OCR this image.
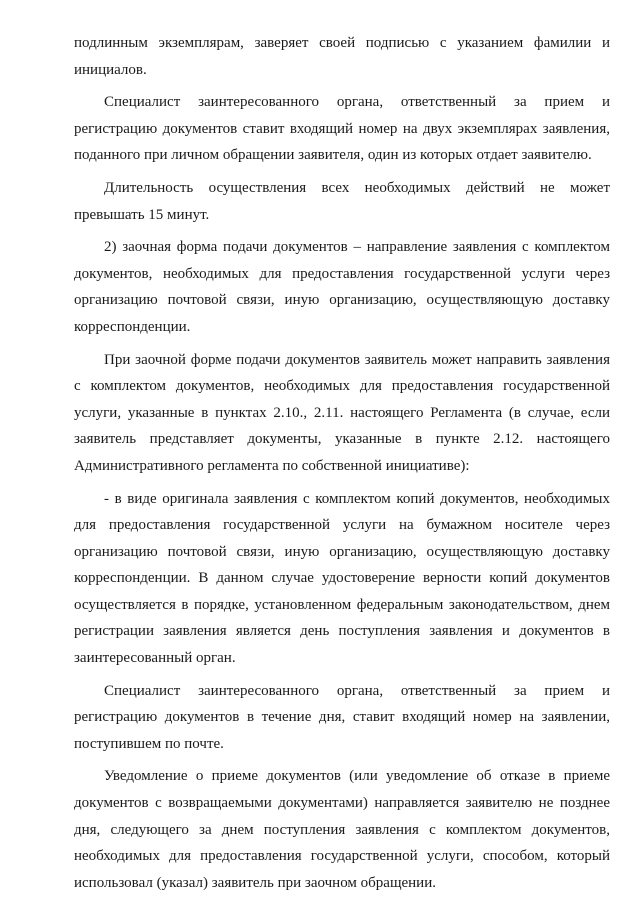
подлинным экземплярам, заверяет своей подписью с указанием фамилии и инициалов.

Специалист заинтересованного органа, ответственный за прием и регистрацию документов ставит входящий номер на двух экземплярах заявления, поданного при личном обращении заявителя, один из которых отдает заявителю.

Длительность осуществления всех необходимых действий не может превышать 15 минут.

2) заочная форма подачи документов – направление заявления с комплектом документов, необходимых для предоставления государственной услуги через организацию почтовой связи, иную организацию, осуществляющую доставку корреспонденции.

При заочной форме подачи документов заявитель может направить заявления с комплектом документов, необходимых для предоставления государственной услуги, указанные в пунктах 2.10., 2.11. настоящего Регламента (в случае, если заявитель представляет документы, указанные в пункте 2.12. настоящего Административного регламента по собственной инициативе):

- в виде оригинала заявления с комплектом копий документов, необходимых для предоставления государственной услуги на бумажном носителе через организацию почтовой связи, иную организацию, осуществляющую доставку корреспонденции. В данном случае удостоверение верности копий документов осуществляется в порядке, установленном федеральным законодательством, днем регистрации заявления является день поступления заявления и документов в заинтересованный орган.

Специалист заинтересованного органа, ответственный за прием и регистрацию документов в течение дня, ставит входящий номер на заявлении, поступившем по почте.

Уведомление о приеме документов (или уведомление об отказе в приеме документов с возвращаемыми документами) направляется заявителю не позднее дня, следующего за днем поступления заявления с комплектом документов, необходимых для предоставления государственной услуги, способом, который использовал (указал) заявитель при заочном обращении.
